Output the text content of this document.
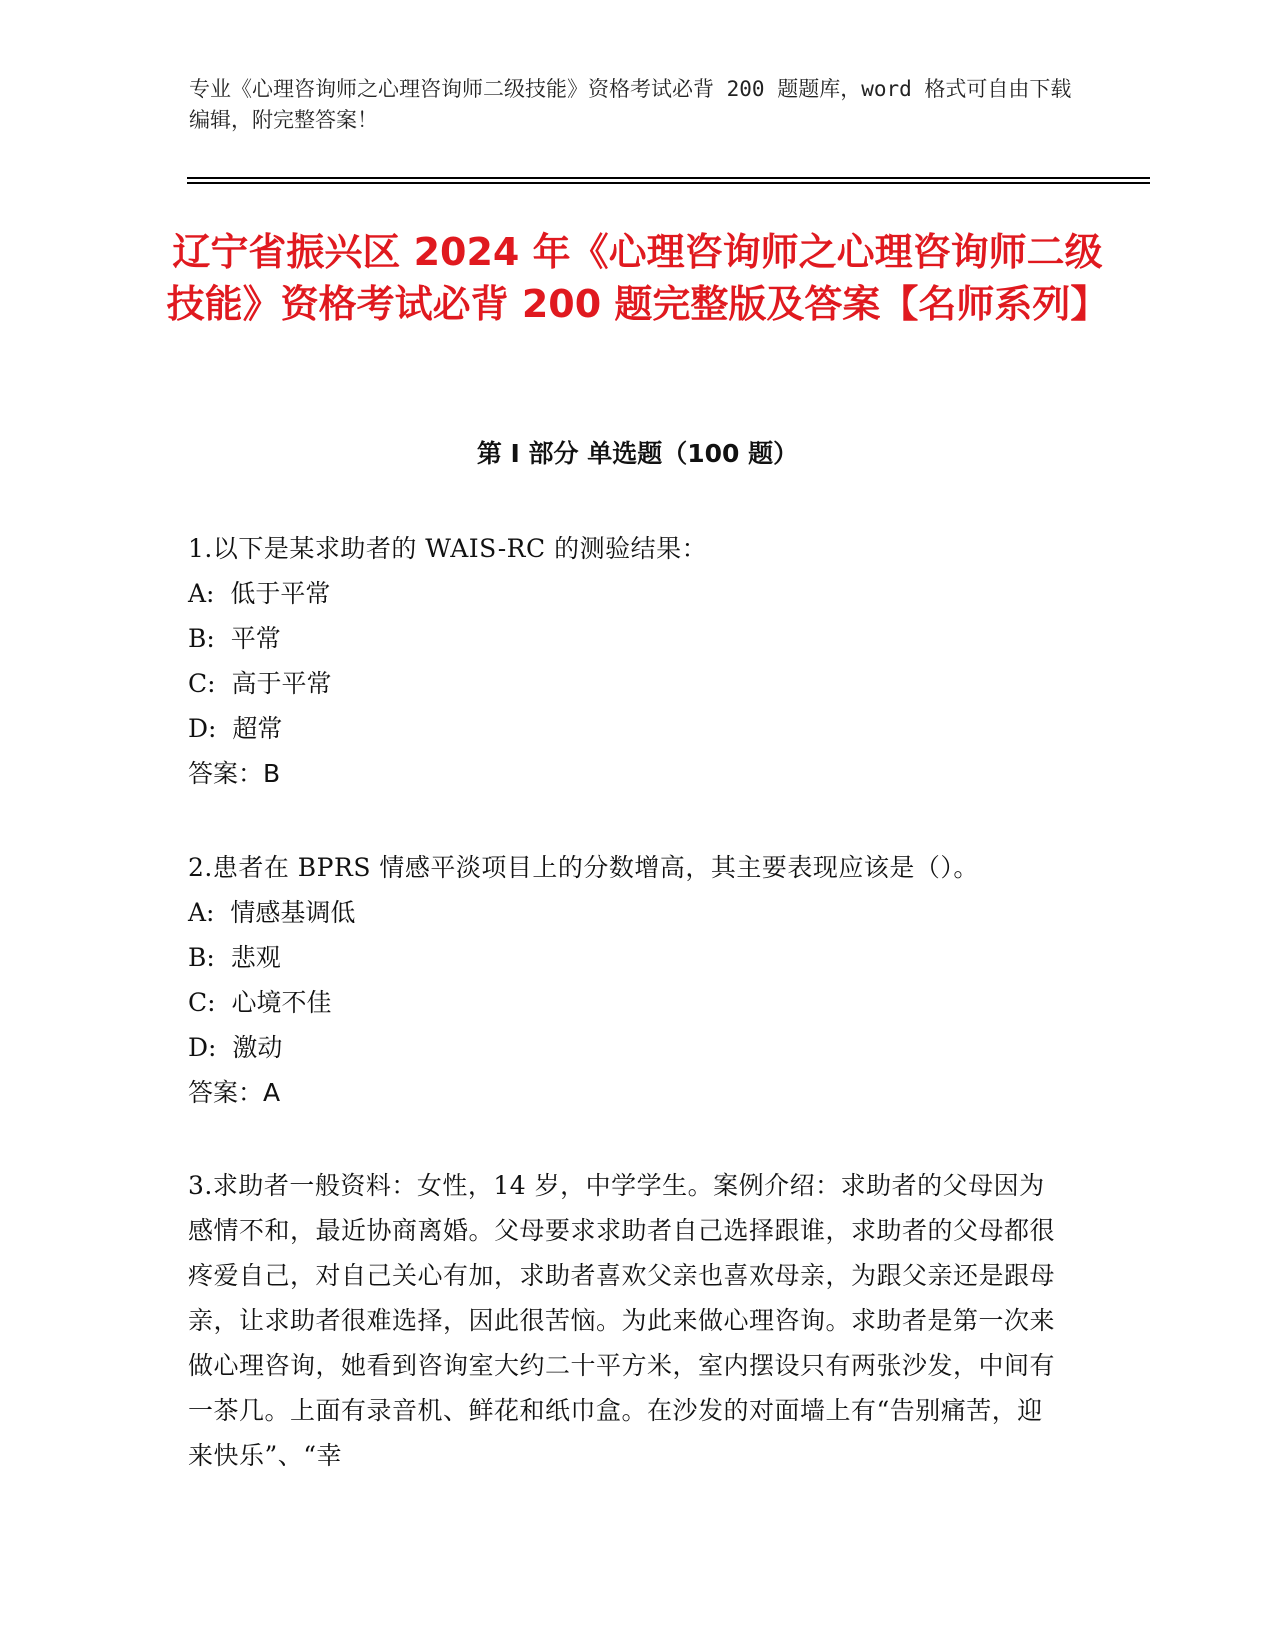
专业《心理咨询师之心理咨询师二级技能》资格考试必背 200 题题库，word 格式可自由下载编辑，附完整答案！
辽宁省振兴区 2024 年《心理咨询师之心理咨询师二级技能》资格考试必背 200 题完整版及答案【名师系列】
第 I 部分 单选题（100 题）
1.以下是某求助者的 WAIS-RC 的测验结果：
A:  低于平常
B:  平常
C:  高于平常
D:  超常
答案：B
2.患者在 BPRS 情感平淡项目上的分数增高，其主要表现应该是（）。
A:  情感基调低
B:  悲观
C:  心境不佳
D:  激动
答案：A
3.求助者一般资料：女性，14 岁，中学学生。案例介绍：求助者的父母因为感情不和，最近协商离婚。父母要求求助者自己选择跟谁，求助者的父母都很疼爱自己，对自己关心有加，求助者喜欢父亲也喜欢母亲，为跟父亲还是跟母亲，让求助者很难选择，因此很苦恼。为此来做心理咨询。求助者是第一次来做心理咨询，她看到咨询室大约二十平方米，室内摆设只有两张沙发，中间有一茶几。上面有录音机、鲜花和纸巾盒。在沙发的对面墙上有“告别痛苦，迎来快乐”、“幸
